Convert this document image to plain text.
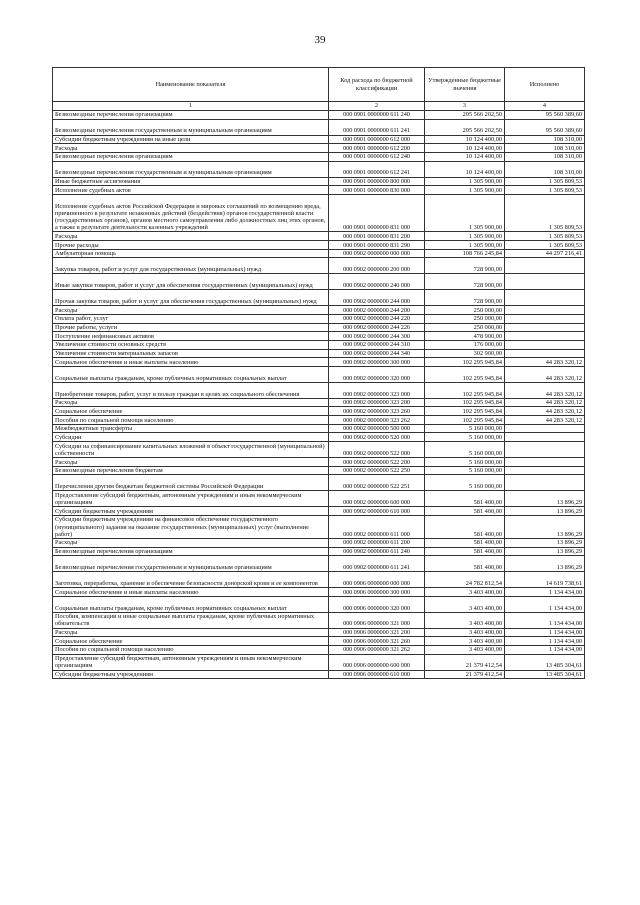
39
Наименование показателя	Код расхода по бюджетной классификации	Утвержденные бюджетные значения	Исполнено
1	2	3	4
Безвозмездные перечисления организациям	000 0901 0000000 611 240	205 566 202,50	95 560 389,60
Безвозмездные перечисления государственным и муниципальным организациям	000 0901 0000000 611 241	205 566 202,50	95 560 389,60
Субсидии бюджетным учреждениям на иные цели	000 0901 0000000 612 000	10 124 400,00	108 310,00
Расходы	000 0901 0000000 612 200	10 124 400,00	108 310,00
Безвозмездные перечисления организациям	000 0901 0000000 612 240	10 124 400,00	108 310,00
Безвозмездные перечисления государственным и муниципальным организациям	000 0901 0000000 612 241	10 124 400,00	108 310,00
Иные бюджетные ассигнования	000 0901 0000000 800 000	1 305 900,00	1 305 809,53
Исполнение судебных актов	000 0901 0000000 830 000	1 305 900,00	1 305 809,53
Исполнение судебных актов Российской Федерации и мировых соглашений по возмещению вреда, причиненного в результате незаконных действий (бездействия) органов государственной власти (государственных органов), органов местного самоуправления либо должностных лиц этих органов, а также в результате деятельности казенных учреждений	000 0901 0000000 831 000	1 305 900,00	1 305 809,53
Расходы	000 0901 0000000 831 200	1 305 900,00	1 305 809,53
Прочие расходы	000 0901 0000000 831 290	1 305 900,00	1 305 809,53
Амбулаторная помощь	000 0902 0000000 000 000	108 766 245,84	44 297 216,41
Закупка товаров, работ и услуг для государственных (муниципальных) нужд	000 0902 0000000 200 000	728 900,00	
Иные закупки товаров, работ и услуг для обеспечения государственных (муниципальных) нужд	000 0902 0000000 240 000	728 900,00	
Прочая закупка товаров, работ и услуг для обеспечения государственных (муниципальных) нужд	000 0902 0000000 244 000	728 900,00	
Расходы	000 0902 0000000 244 200	250 000,00	
Оплата работ, услуг	000 0902 0000000 244 220	250 000,00	
Прочие работы, услуги	000 0902 0000000 244 226	250 000,00	
Поступление нефинансовых активов	000 0902 0000000 244 300	478 900,00	
Увеличение стоимости основных средств	000 0902 0000000 244 310	176 000,00	
Увеличение стоимости материальных запасов	000 0902 0000000 244 340	302 900,00	
Социальное обеспечение и иные выплаты населению	000 0902 0000000 300 000	102 295 945,84	44 283 320,12
Социальные выплаты гражданам, кроме публичных нормативных социальных выплат	000 0902 0000000 320 000	102 295 945,84	44 283 320,12
Приобретение товаров, работ, услуг в пользу граждан в целях их социального обеспечения	000 0902 0000000 323 000	102 295 945,84	44 283 320,12
Расходы	000 0902 0000000 323 200	102 295 945,84	44 283 320,12
Социальное обеспечение	000 0902 0000000 323 260	102 295 945,84	44 283 320,12
Пособия по социальной помощи населению	000 0902 0000000 323 262	102 295 945,84	44 283 320,12
Межбюджетные трансферты	000 0902 0000000 500 000	5 160 000,00	
Субсидии	000 0902 0000000 520 000	5 160 000,00	
Субсидии на софинансирование капитальных вложений в объект государственной (муниципальной) собственности	000 0902 0000000 522 000	5 160 000,00	
Расходы	000 0902 0000000 522 200	5 160 000,00	
Безвозмездные перечисления бюджетам	000 0902 0000000 522 250	5 160 000,00	
Перечисления другим бюджетам бюджетной системы Российской Федерации	000 0902 0000000 522 251	5 160 000,00	
Предоставление субсидий бюджетным, автономным учреждениям и иным некоммерческим организациям	000 0902 0000000 600 000	581 400,00	13 896,29
Субсидии бюджетным учреждениям	000 0902 0000000 610 000	581 400,00	13 896,29
Субсидии бюджетным учреждениям на финансовое обеспечение государственного (муниципального) задания на оказание государственных (муниципальных) услуг (выполнение работ)	000 0902 0000000 611 000	581 400,00	13 896,29
Расходы	000 0902 0000000 611 200	581 400,00	13 896,29
Безвозмездные перечисления организациям	000 0902 0000000 611 240	581 400,00	13 896,29
Безвозмездные перечисления государственным и муниципальным организациям	000 0902 0000000 611 241	581 400,00	13 896,29
Заготовка, переработка, хранение и обеспечение безопасности донорской крови и ее компонентов	000 0906 0000000 000 000	24 782 812,54	14 619 738,61
Социальное обеспечение и иные выплаты населению	000 0906 0000000 300 000	3 403 400,00	1 134 434,00
Социальные выплаты гражданам, кроме публичных нормативных социальных выплат	000 0906 0000000 320 000	3 403 400,00	1 134 434,00
Пособия, компенсации и иные социальные выплаты гражданам, кроме публичных нормативных обязательств	000 0906 0000000 321 000	3 403 400,00	1 134 434,00
Расходы	000 0906 0000000 321 200	3 403 400,00	1 134 434,00
Социальное обеспечение	000 0906 0000000 321 260	3 403 400,00	1 134 434,00
Пособия по социальной помощи населению	000 0906 0000000 321 262	3 403 400,00	1 134 434,00
Предоставление субсидий бюджетным, автономным учреждениям и иным некоммерческим организациям	000 0906 0000000 600 000	21 379 412,54	13 485 304,61
Субсидии бюджетным учреждениям	000 0906 0000000 610 000	21 379 412,54	13 485 304,61
